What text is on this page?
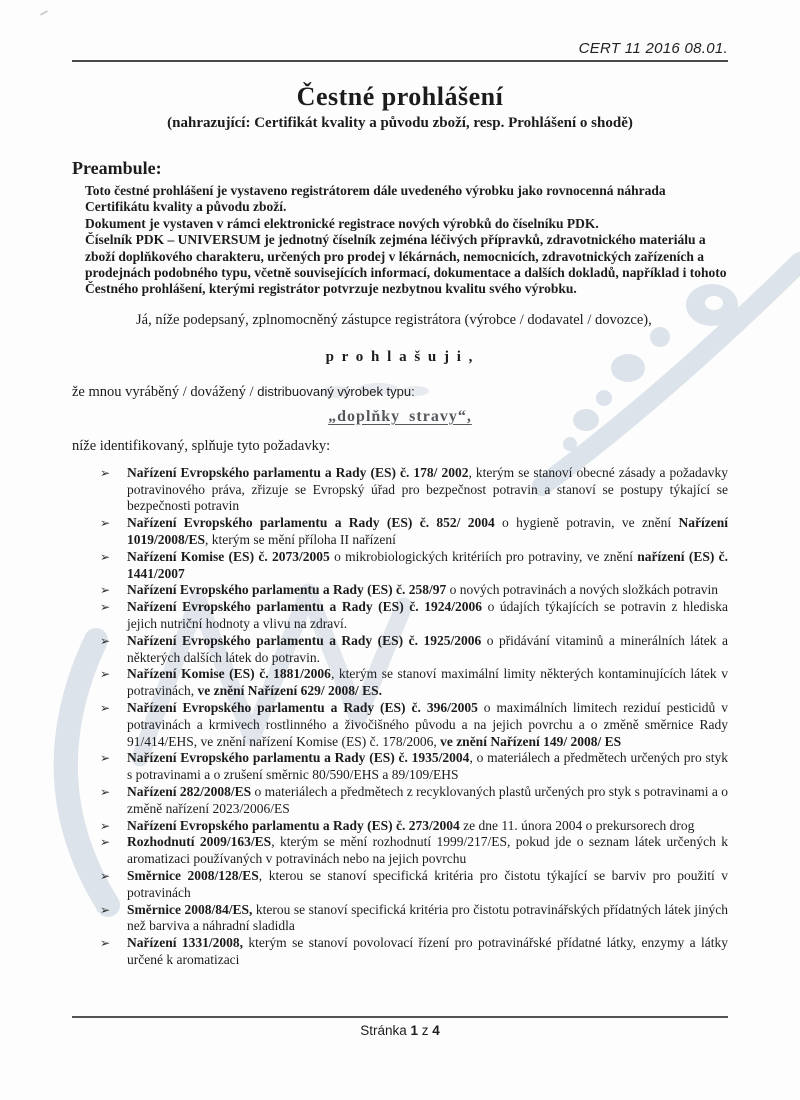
CERT 11 2016 08.01.
Čestné prohlášení
(nahrazující: Certifikát kvality a původu zboží, resp. Prohlášení o shodě)
Preambule:

Toto čestné prohlášení je vystaveno registrátorem dále uvedeného výrobku jako rovnocenná náhrada Certifikátu kvality a původu zboží.

Dokument je vystaven v rámci elektronické registrace nových výrobků do číselníku PDK.

Číselník PDK – UNIVERSUM je jednotný číselník zejména léčivých přípravků, zdravotnického materiálu a zboží doplňkového charakteru, určených pro prodej v lékárnách, nemocnicích, zdravotnických zařízeních a prodejnách podobného typu, včetně souvisejících informací, dokumentace a dalších dokladů, například i tohoto Čestného prohlášení, kterými registrátor potvrzuje nezbytnou kvalitu svého výrobku.

Já, níže podepsaný, zplnomocněný zástupce registrátora (výrobce / dodavatel / dovozce),
p r o h l a š u j i ,
že mnou vyráběný / dovážený / distribuovaný výrobek typu:
„doplňky stravy“,
níže identifikovaný, splňuje tyto požadavky:
➢	Nařízení Evropského parlamentu a Rady (ES) č. 178/ 2002, kterým se stanoví obecné zásady a požadavky potravinového práva, zřizuje se Evropský úřad pro bezpečnost potravin a stanoví se postupy týkající se bezpečnosti potravin
➢	Nařízení Evropského parlamentu a Rady (ES) č. 852/ 2004 o hygieně potravin, ve znění Nařízení 1019/2008/ES, kterým se mění příloha II nařízení
➢	Nařízení Komise (ES) č. 2073/2005 o mikrobiologických kritériích pro potraviny, ve znění nařízení (ES) č. 1441/2007
➢	Nařízení Evropského parlamentu a Rady (ES) č. 258/97 o nových potravinách a nových složkách potravin
➢	Nařízení Evropského parlamentu a Rady (ES) č. 1924/2006 o údajích týkajících se potravin z hlediska jejich nutriční hodnoty a vlivu na zdraví.
➢	Nařízení Evropského parlamentu a Rady (ES) č. 1925/2006 o přidávání vitaminů a minerálních látek a některých dalších látek do potravin.
➢	Nařízení Komise (ES) č. 1881/2006, kterým se stanoví maximální limity některých kontaminujících látek v potravinách, ve znění Nařízení 629/ 2008/ ES.
➢	Nařízení Evropského parlamentu a Rady (ES) č. 396/2005 o maximálních limitech reziduí pesticidů v potravinách a krmivech rostlinného a živočišného původu a na jejich povrchu a o změně směrnice Rady 91/414/EHS, ve znění nařízení Komise (ES) č. 178/2006, ve znění Nařízení 149/ 2008/ ES
➢	Nařízení Evropského parlamentu a Rady (ES) č. 1935/2004, o materiálech a předmětech určených pro styk s potravinami a o zrušení směrnic 80/590/EHS a 89/109/EHS
➢	Nařízení 282/2008/ES o materiálech a předmětech z recyklovaných plastů určených pro styk s potravinami a o změně nařízení 2023/2006/ES
➢	Nařízení Evropského parlamentu a Rady (ES) č. 273/2004 ze dne 11. února 2004 o prekursorech drog
➢	Rozhodnutí 2009/163/ES, kterým se mění rozhodnutí 1999/217/ES, pokud jde o seznam látek určených k aromatizaci používaných v potravinách nebo na jejich povrchu
➢	Směrnice 2008/128/ES, kterou se stanoví specifická kritéria pro čistotu týkající se barviv pro použití v potravinách
➢	Směrnice 2008/84/ES, kterou se stanoví specifická kritéria pro čistotu potravinářských přídatných látek jiných než barviva a náhradní sladidla
➢	Nařízení 1331/2008, kterým se stanoví povolovací řízení pro potravinářské přídatné látky, enzymy a látky určené k aromatizaci
Stránka 1 z 4
